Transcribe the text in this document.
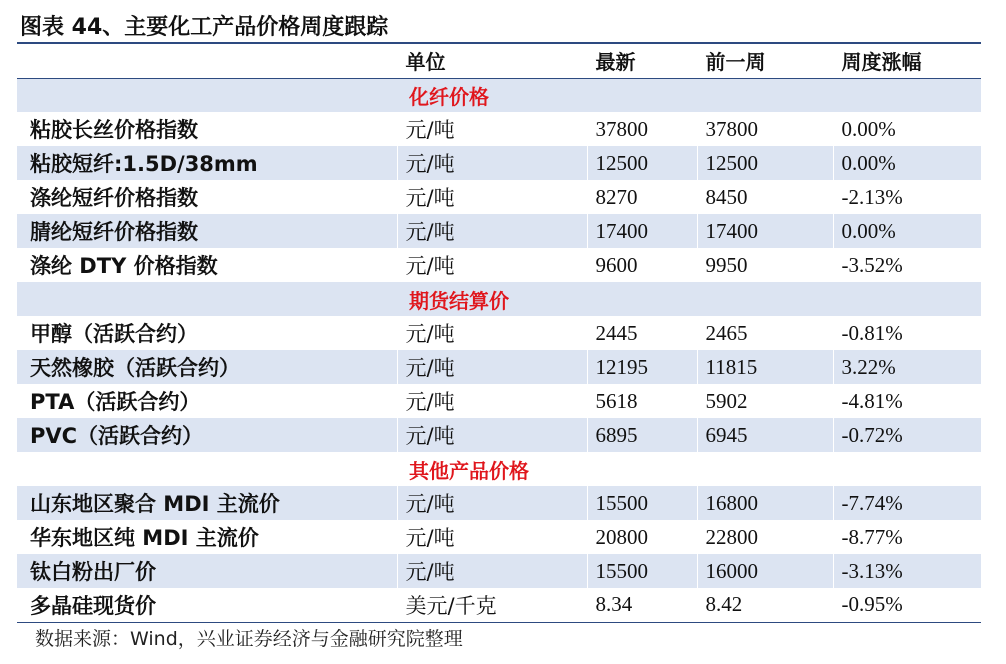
图表 44、主要化工产品价格周度跟踪
	单位	最新	前一周	周度涨幅
化纤价格				
粘胶长丝价格指数	元/吨	37800	37800	0.00%
粘胶短纤:1.5D/38mm	元/吨	12500	12500	0.00%
涤纶短纤价格指数	元/吨	8270	8450	-2.13%
腈纶短纤价格指数	元/吨	17400	17400	0.00%
涤纶 DTY 价格指数	元/吨	9600	9950	-3.52%
期货结算价				
甲醇（活跃合约）	元/吨	2445	2465	-0.81%
天然橡胶（活跃合约）	元/吨	12195	11815	3.22%
PTA（活跃合约）	元/吨	5618	5902	-4.81%
PVC（活跃合约）	元/吨	6895	6945	-0.72%
其他产品价格				
山东地区聚合 MDI 主流价	元/吨	15500	16800	-7.74%
华东地区纯 MDI 主流价	元/吨	20800	22800	-8.77%
钛白粉出厂价	元/吨	15500	16000	-3.13%
多晶硅现货价	美元/千克	8.34	8.42	-0.95%
数据来源：Wind，兴业证券经济与金融研究院整理
